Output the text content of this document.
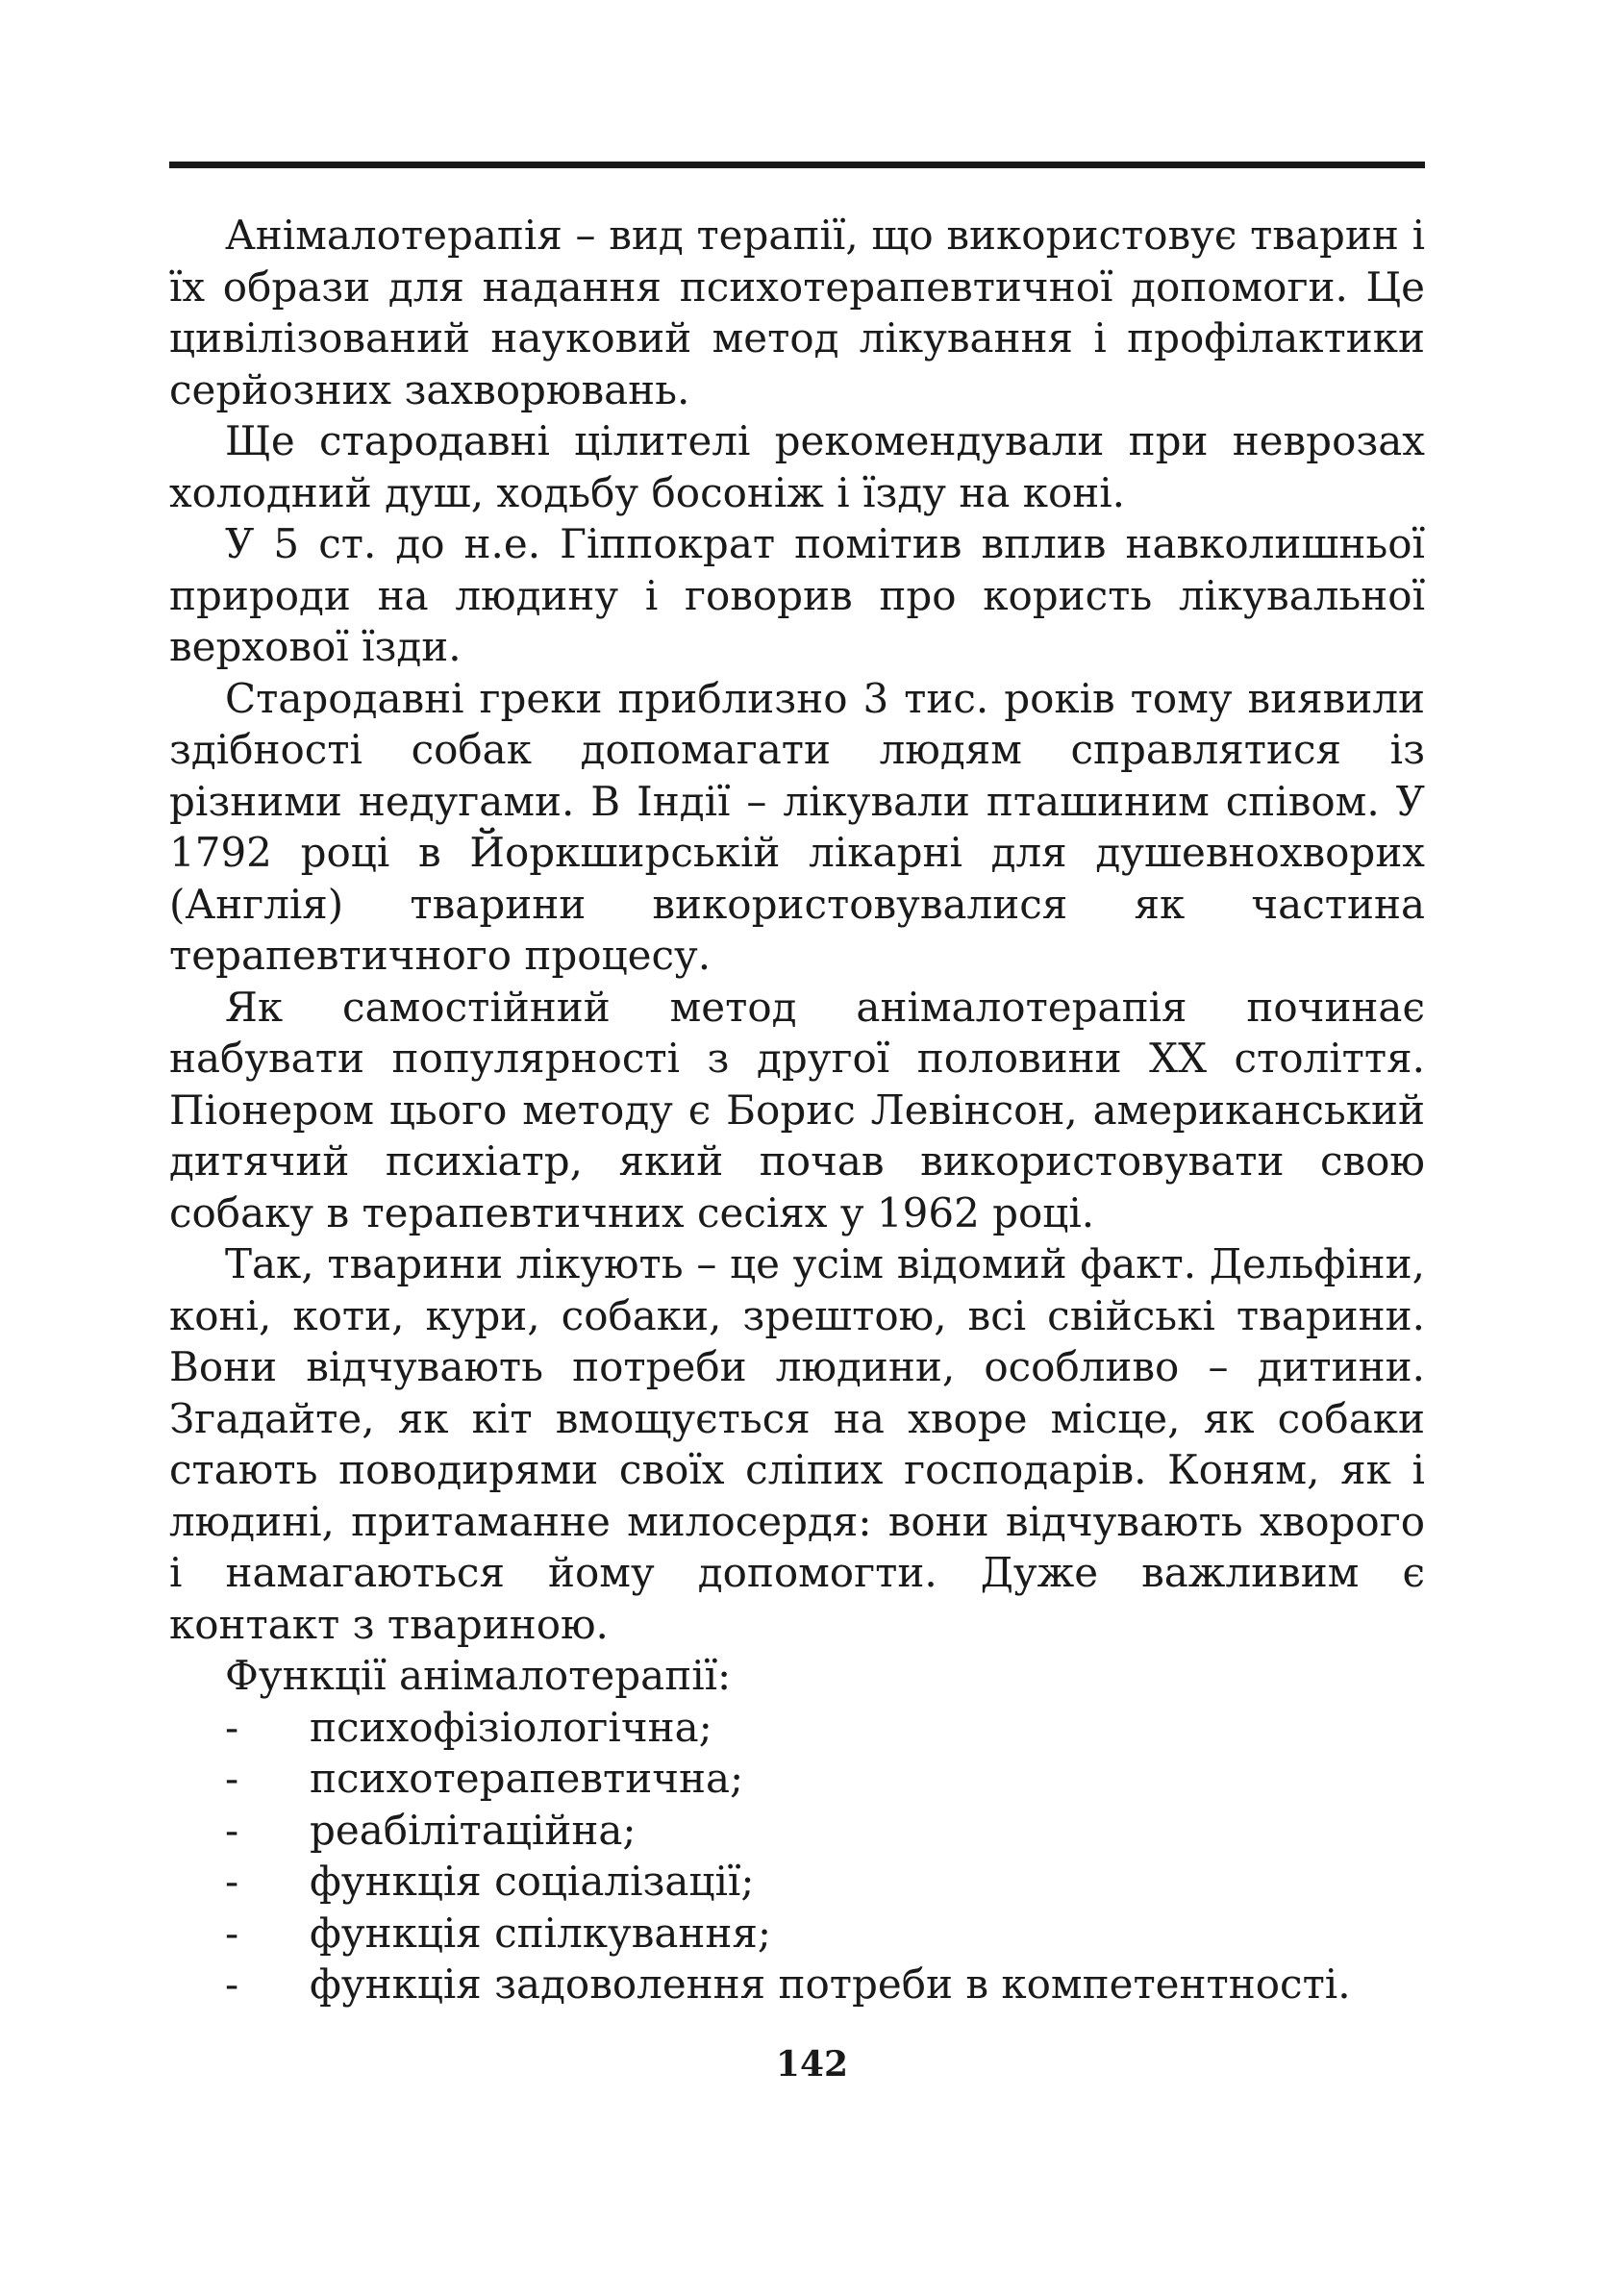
Анімалотерапія – вид терапії, що використовує тварин і їх образи для надання психотерапевтичної допомоги. Це цивілізований науковий метод лікування і профілактики серйозних захворювань.

Ще стародавні цілителі рекомендували при неврозах холодний душ, ходьбу босоніж і їзду на коні.

У 5 ст. до н.е. Гіппократ помітив вплив навколишньої природи на людину і говорив про користь лікувальної верхової їзди.

Стародавні греки приблизно 3 тис. років тому виявили здібності собак допомагати людям справлятися із різними недугами. В Індії – лікували пташиним співом. У 1792 році в Йоркширській лікарні для душевнохворих (Англія) тварини використовувалися як частина терапевтичного процесу.

Як самостійний метод анімалотерапія починає набувати популярності з другої половини XX століття. Піонером цього методу є Борис Левінсон, американський дитячий психіатр, який почав використовувати свою собаку в терапевтичних сесіях у 1962 році.

Так, тварини лікують – це усім відомий факт. Дельфіни, коні, коти, кури, собаки, зрештою, всі свійські тварини. Вони відчувають потреби людини, особливо – дитини. Згадайте, як кіт вмощується на хворе місце, як собаки стають поводирями своїх сліпих господарів. Коням, як і людині, притаманне милосердя: вони відчувають хворого і намагаються йому допомогти. Дуже важливим є контакт з твариною.

Функції анімалотерапії:

-	психофізіологічна;
-	психотерапевтична;
-	реабілітаційна;
-	функція соціалізації;
-	функція спілкування;
-	функція задоволення потреби в компетентності.
142
